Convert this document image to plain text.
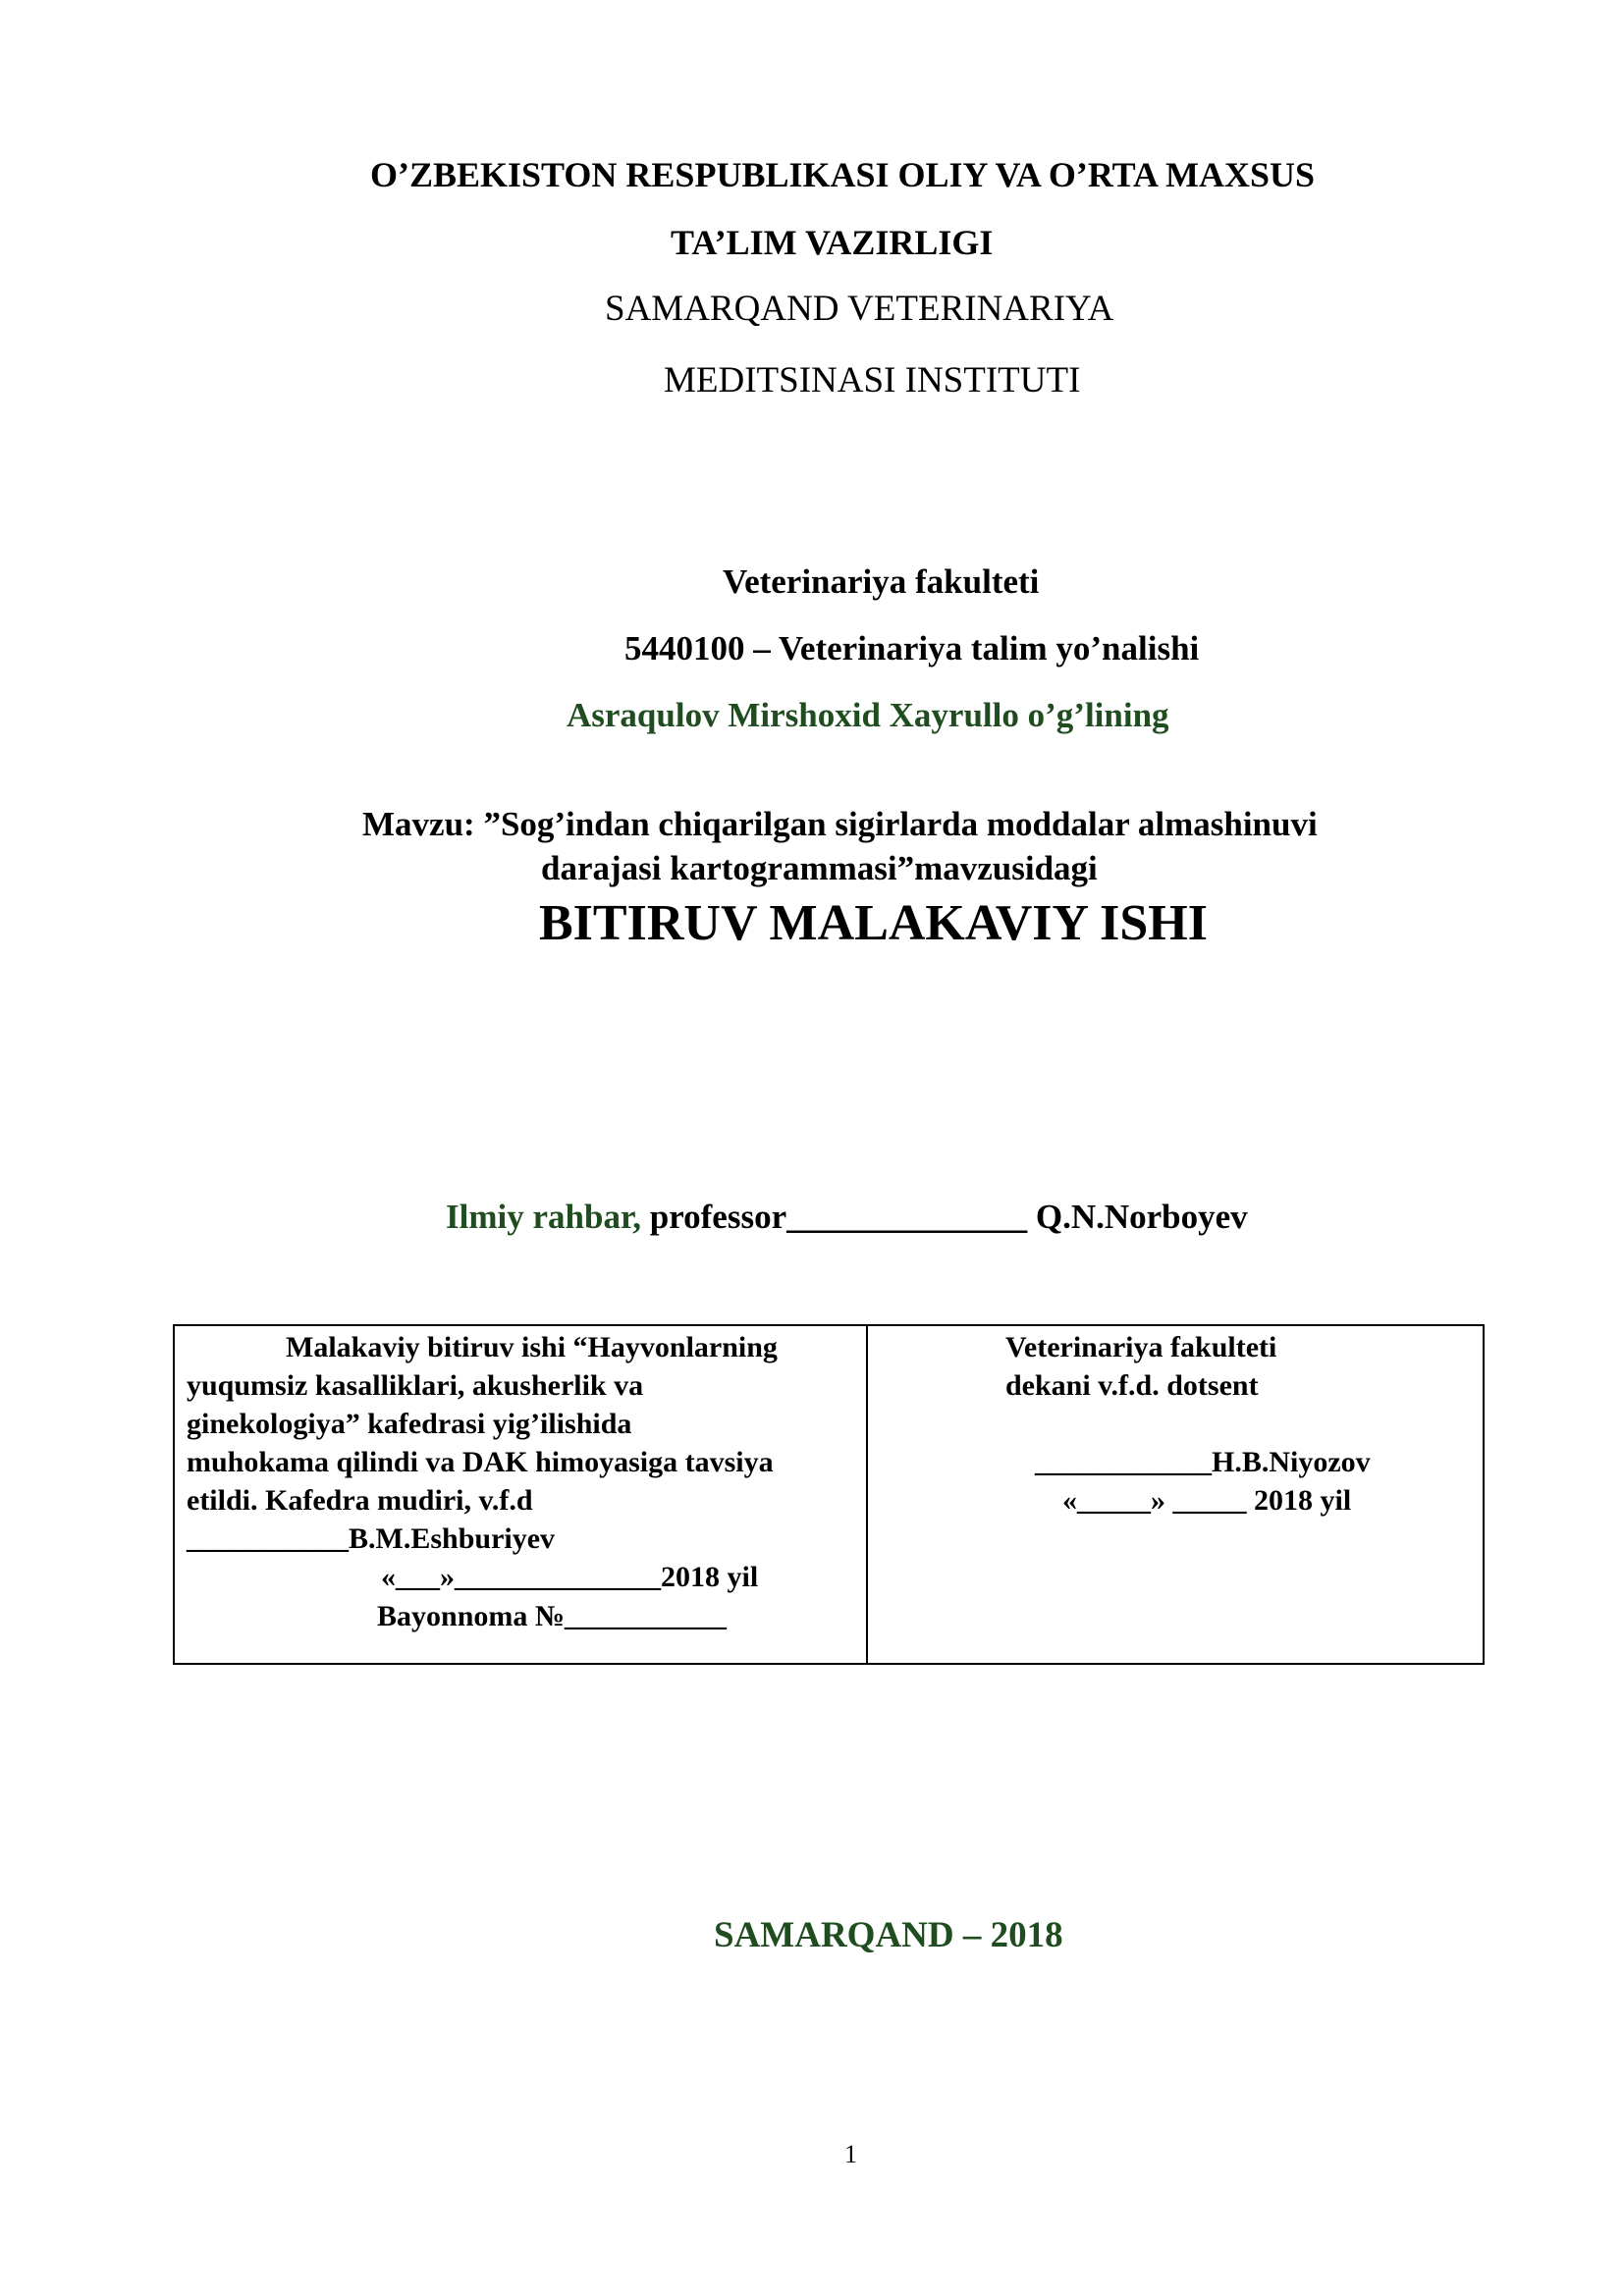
O’ZBEKISTON RESPUBLIKASI OLIY VA O’RTA MAXSUS

TA’LIM VAZIRLIGI

SAMARQAND VETERINARIYA

MEDITSINASI INSTITUTI

Veterinariya fakulteti

5440100 – Veterinariya talim yo’nalishi

Asraqulov Mirshoxid Xayrullo o’g’lining

Mavzu: ”Sog’indan chiqarilgan sigirlarda moddalar almashinuvi

darajasi kartogrammasi”mavzusidagi

BITIRUV MALAKAVIY ISHI

Ilmiy rahbar, professor______________ Q.N.Norboyev

Malakaviy bitiruv ishi “Hayvonlarning

yuqumsiz kasalliklari, akusherlik va

ginekologiya” kafedrasi yig’ilishida

muhokama qilindi va DAK himoyasiga tavsiya

etildi. Kafedra mudiri, v.f.d

___________B.M.Eshburiyev

«___»______________2018 yil

Bayonnoma №___________

Veterinariya fakulteti

dekani v.f.d. dotsent

____________H.B.Niyozov

«_____» _____ 2018 yil

SAMARQAND – 2018

1
